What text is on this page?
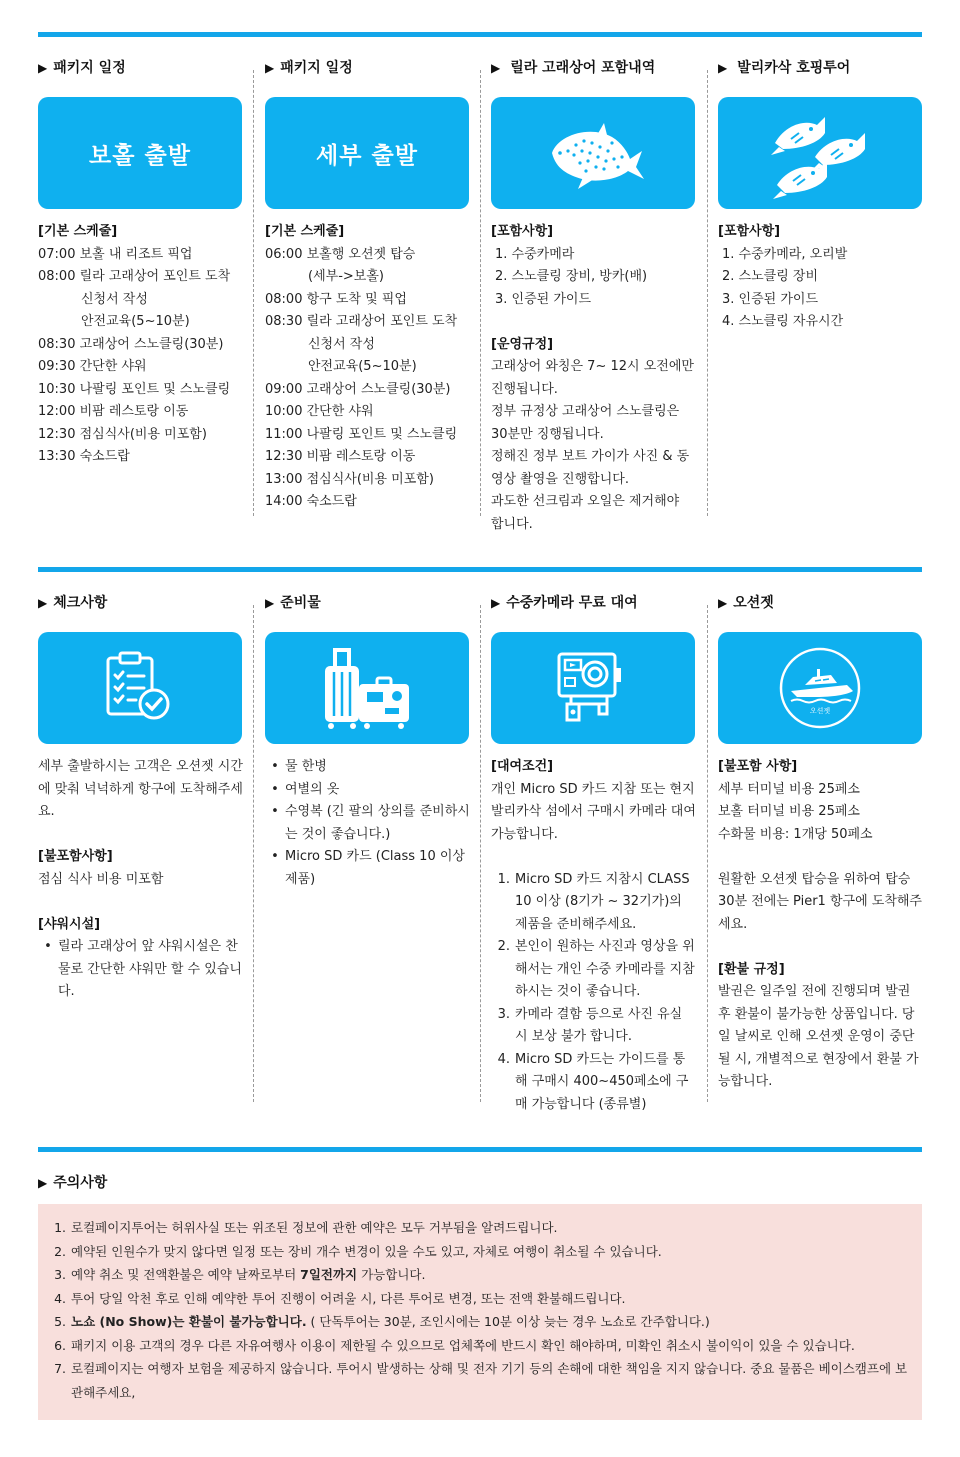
▶ 패키지 일정
보홀 출발
[기본 스케줄]
07:00 보홀 내 리조트 픽업
08:00 릴라 고래상어 포인트 도착
신청서 작성
안전교육(5~10분)
08:30 고래상어 스노클링(30분)
09:30 간단한 샤워
10:30 나팔링 포인트 및 스노클링
12:00 비팜 레스토랑 이동
12:30 점심식사(비용 미포함)
13:30 숙소드랍
▶ 패키지 일정
세부 출발
[기본 스케줄]
06:00 보홀행 오션젯 탑승
(세부->보홀)
08:00 항구 도착 및 픽업
08:30 릴라 고래상어 포인트 도착
신청서 작성
안전교육(5~10분)
09:00 고래상어 스노클링(30분)
10:00 간단한 샤워
11:00 나팔링 포인트 및 스노클링
12:30 비팜 레스토랑 이동
13:00 점심식사(비용 미포함)
14:00 숙소드랍
▶ 릴라 고래상어 포함내역
[포함사항]
1. 수중카메라
2. 스노클링 장비, 방카(배)
3. 인증된 가이드
[운영규정]
고래상어 와칭은 7~ 12시 오전에만
진행됩니다.
정부 규정상 고래상어 스노클링은
30분만 징행됩니다.
정해진 정부 보트 가이가 사진 & 동
영상 촬영을 진행합니다.
과도한 선크림과 오일은 제거해야
합니다.
▶ 발리카삭 호핑투어
[포함사항]
1. 수중카메라, 오리발
2. 스노클링 장비
3. 인증된 가이드
4. 스노클링 자유시간
▶ 체크사항
세부 출발하시는 고객은 오션젯 시간에 맞춰 넉넉하게 항구에 도착해주세요.
[불포함사항]
점심 식사 비용 미포함
[샤워시설]
• 릴라 고래상어 앞 샤워시설은 찬물로 간단한 샤워만 할 수 있습니다.
▶ 준비물
• 물 한병
• 여별의 옷
• 수영복 (긴 팔의 상의를 준비하시는 것이 좋습니다.)
• Micro SD 카드 (Class 10 이상 제품)
▶ 수중카메라 무료 대여
[대여조건]
개인 Micro SD 카드 지참 또는 현지 발리카삭 섬에서 구매시 카메라 대여 가능합니다.
1. Micro SD 카드 지참시 CLASS 10 이상 (8기가 ~ 32기가)의 제품을 준비해주세요.
2. 본인이 원하는 사진과 영상을 위해서는 개인 수중 카메라를 지참하시는 것이 좋습니다.
3. 카메라 결함 등으로 사진 유실 시 보상 불가 합니다.
4. Micro SD 카드는 가이드를 통해 구매시 400~450페소에 구매 가능합니다 (종류별)
▶ 오션젯
오션젯
[불포함 사항]
세부 터미널 비용 25페소
보홀 터미널 비용 25페소
수화물 비용: 1개당 50페소
원활한 오션젯 탑승을 위하여 탑승 30분 전에는 Pier1 항구에 도착해주세요.
[환불 규정]
발권은 일주일 전에 진행되며 발권 후 환불이 불가능한 상품입니다. 당일 날씨로 인해 오션젯 운영이 중단 될 시, 개별적으로 현장에서 환불 가능합니다.
▶ 주의사항
1. 로컬페이지투어는 허위사실 또는 위조된 정보에 관한 예약은 모두 거부됨을 알려드립니다.
2. 예약된 인원수가 맞지 않다면 일정 또는 장비 개수 변경이 있을 수도 있고, 자체로 여행이 취소될 수 있습니다.
3. 예약 취소 및 전액환불은 예약 날짜로부터 7일전까지 가능합니다.
4. 투어 당일 악천 후로 인해 예약한 투어 진행이 어려울 시, 다른 투어로 변경, 또는 전액 환불해드립니다.
5. 노쇼 (No Show)는 환불이 불가능합니다. ( 단독투어는 30분, 조인시에는 10분 이상 늦는 경우 노쇼로 간주합니다.)
6. 패키지 이용 고객의 경우 다른 자유여행사 이용이 제한될 수 있으므로 업체쪽에 반드시 확인 해야하며, 미확인 취소시 불이익이 있을 수 있습니다.
7. 로컬페이지는 여행자 보험을 제공하지 않습니다. 투어시 발생하는 상해 및 전자 기기 등의 손해에 대한 책임을 지지 않습니다. 중요 물품은 베이스캠프에 보관해주세요,
